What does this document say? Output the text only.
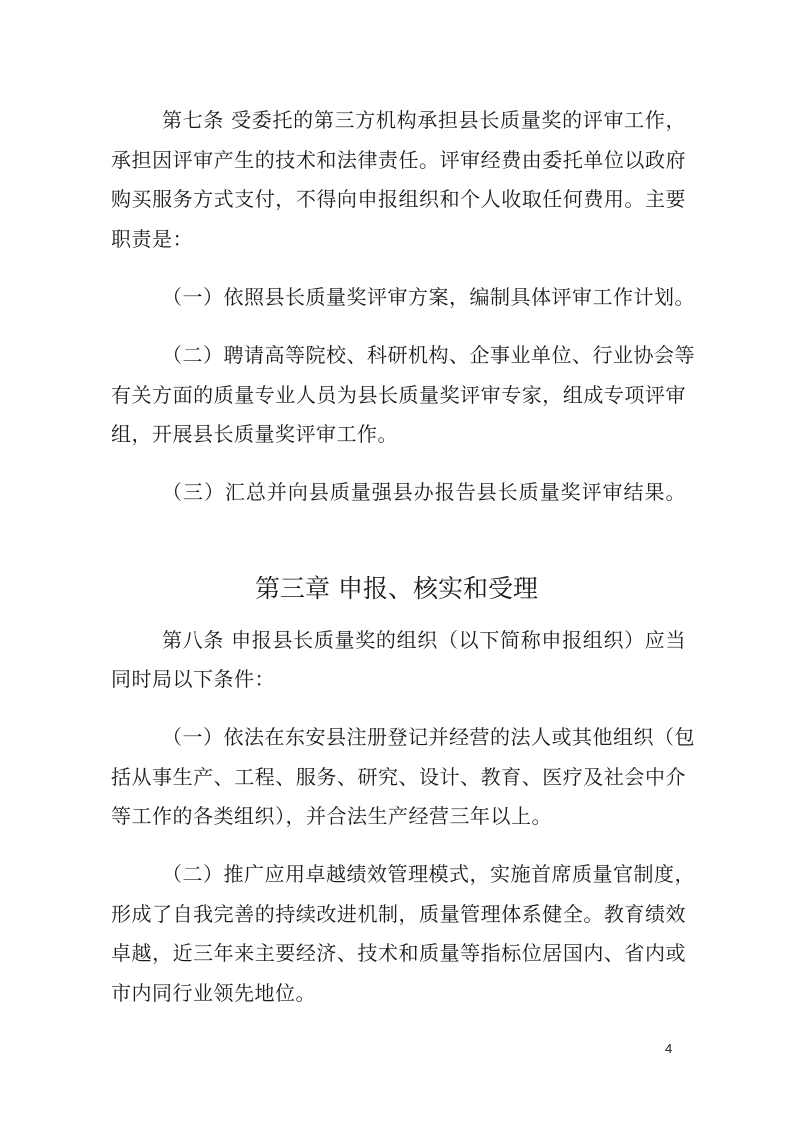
第七条 受委托的第三方机构承担县长质量奖的评审工作，
承担因评审产生的技术和法律责任。评审经费由委托单位以政府
购买服务方式支付，不得向申报组织和个人收取任何费用。主要
职责是：
（一）依照县长质量奖评审方案，编制具体评审工作计划。
（二）聘请高等院校、科研机构、企事业单位、行业协会等
有关方面的质量专业人员为县长质量奖评审专家，组成专项评审
组，开展县长质量奖评审工作。
（三）汇总并向县质量强县办报告县长质量奖评审结果。
第三章 申报、核实和受理
第八条 申报县长质量奖的组织（以下简称申报组织）应当
同时局以下条件：
（一）依法在东安县注册登记并经营的法人或其他组织（包
括从事生产、工程、服务、研究、设计、教育、医疗及社会中介
等工作的各类组织），并合法生产经营三年以上。
（二）推广应用卓越绩效管理模式，实施首席质量官制度，
形成了自我完善的持续改进机制，质量管理体系健全。教育绩效
卓越，近三年来主要经济、技术和质量等指标位居国内、省内或
市内同行业领先地位。
4
